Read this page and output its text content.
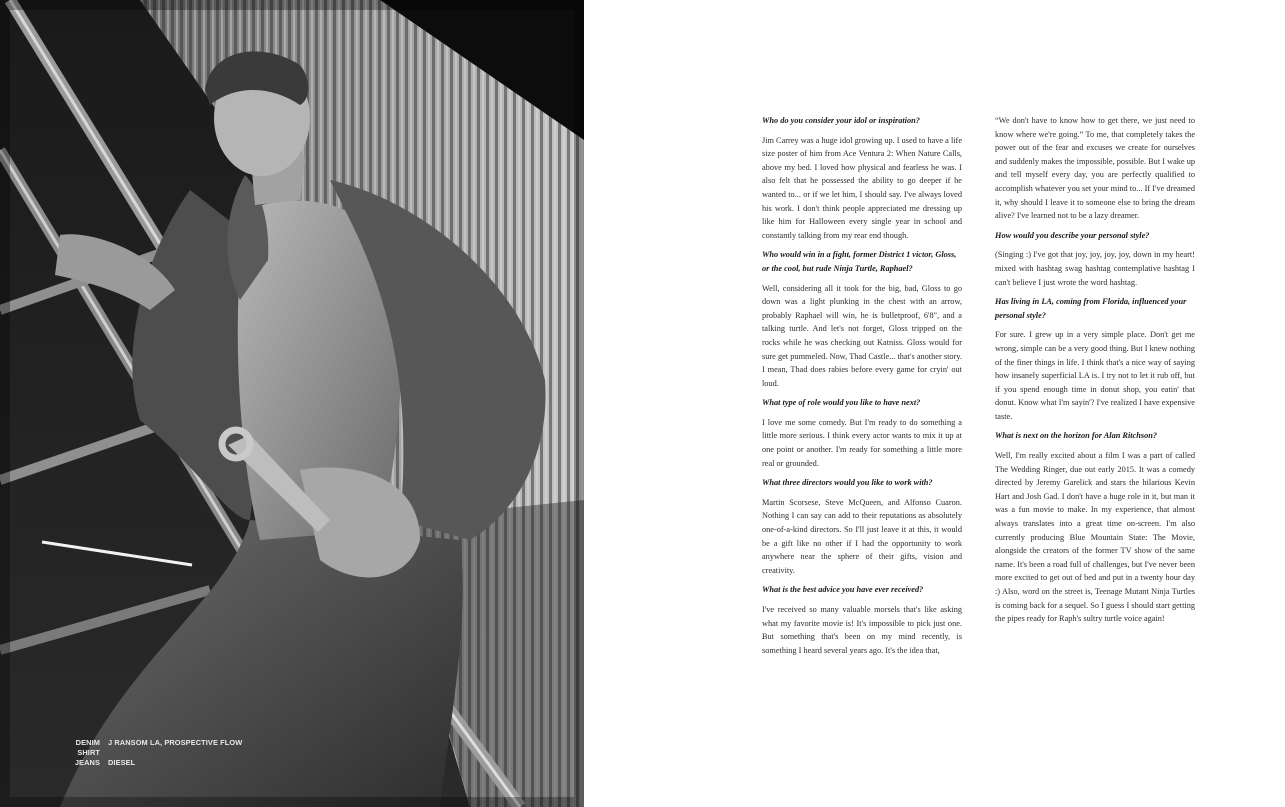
DENIM SHIRT
J RANSOM LA, PROSPECTIVE FLOW
JEANS DIESEL

Who do you consider your idol or inspiration?

Jim Carrey was a huge idol growing up. I used to have a life size poster of him from Ace Ventura 2: When Nature Calls, above my bed. I loved how physical and fearless he was. I also felt that he possessed the ability to go deeper if he wanted to... or if we let him, I should say. I've always loved his work. I don't think people appreciated me dressing up like him for Halloween every single year in school and constantly talking from my rear end though.

Who would win in a fight, former District 1 victor, Gloss, or the cool, but rude Ninja Turtle, Raphael?

Well, considering all it took for the big, bad, Gloss to go down was a light plunking in the chest with an arrow, probably Raphael will win, he is bulletproof, 6'8", and a talking turtle. And let's not forget, Gloss tripped on the rocks while he was checking out Katniss. Gloss would for sure get pummeled. Now, Thad Castle... that's another story. I mean, Thad does rabies before every game for cryin' out loud.

What type of role would you like to have next?

I love me some comedy. But I'm ready to do something a little more serious. I think every actor wants to mix it up at one point or another. I'm ready for something a little more real or grounded.

What three directors would you like to work with?

Martin Scorsese, Steve McQueen, and Alfonso Cuaron. Nothing I can say can add to their reputations as absolutely one-of-a-kind directors. So I'll just leave it at this, it would be a gift like no other if I had the opportunity to work anywhere near the sphere of their gifts, vision and creativity.

What is the best advice you have ever received?

I've received so many valuable morsels that's like asking what my favorite movie is! It's impossible to pick just one. But something that's been on my mind recently, is something I heard several years ago. It's the idea that,

“We don't have to know how to get there, we just need to know where we're going.” To me, that completely takes the power out of the fear and excuses we create for ourselves and suddenly makes the impossible, possible. But I wake up and tell myself every day, you are perfectly qualified to accomplish whatever you set your mind to... If I've dreamed it, why should I leave it to someone else to bring the dream alive? I've learned not to be a lazy dreamer.

How would you describe your personal style?

(Singing :) I've got that joy, joy, joy, joy, down in my heart! mixed with hashtag swag hashtag contemplative hashtag I can't believe I just wrote the word hashtag.

Has living in LA, coming from Florida, influenced your personal style?

For sure. I grew up in a very simple place. Don't get me wrong, simple can be a very good thing. But I knew nothing of the finer things in life. I think that's a nice way of saying how insanely superficial LA is. I try not to let it rub off, but if you spend enough time in donut shop, you eatin' that donut. Know what I'm sayin'? I've realized I have expensive taste.

What is next on the horizon for Alan Ritchson?

Well, I'm really excited about a film I was a part of called The Wedding Ringer, due out early 2015. It was a comedy directed by Jeremy Garelick and stars the hilarious Kevin Hart and Josh Gad. I don't have a huge role in it, but man it was a fun movie to make. In my experience, that almost always translates into a great time on-screen. I'm also currently producing Blue Mountain State: The Movie, alongside the creators of the former TV show of the same name. It's been a road full of challenges, but I've never been more excited to get out of bed and put in a twenty hour day :) Also, word on the street is, Teenage Mutant Ninja Turtles is coming back for a sequel. So I guess I should start getting the pipes ready for Raph's sultry turtle voice again!
